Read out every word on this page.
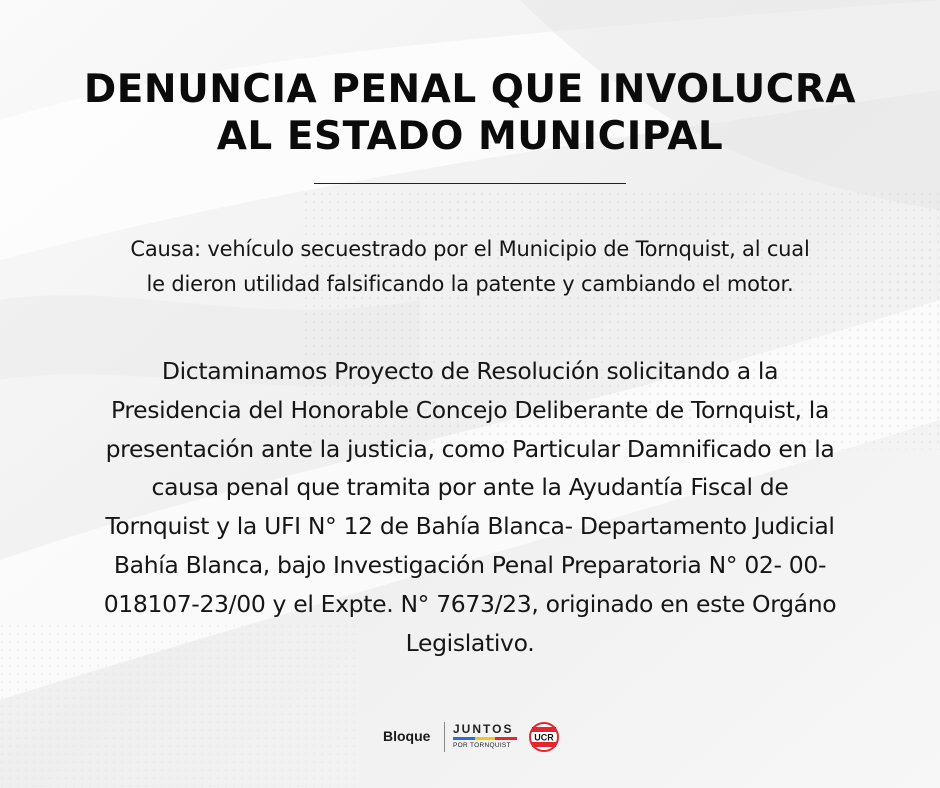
DENUNCIA PENAL QUE INVOLUCRA
AL ESTADO MUNICIPAL
Causa: vehículo secuestrado por el Municipio de Tornquist, al cual
le dieron utilidad falsificando la patente y cambiando el motor.
Dictaminamos Proyecto de Resolución solicitando a la
Presidencia del Honorable Concejo Deliberante de Tornquist, la
presentación ante la justicia, como Particular Damnificado en la
causa penal que tramita por ante la Ayudantía Fiscal de
Tornquist y la UFI N° 12 de Bahía Blanca- Departamento Judicial
Bahía Blanca, bajo Investigación Penal Preparatoria N° 02- 00-
018107-23/00 y el Expte. N° 7673/23, originado en este Orgáno
Legislativo.
Bloque JUNTOS
POR TORNQUIST
UCR
